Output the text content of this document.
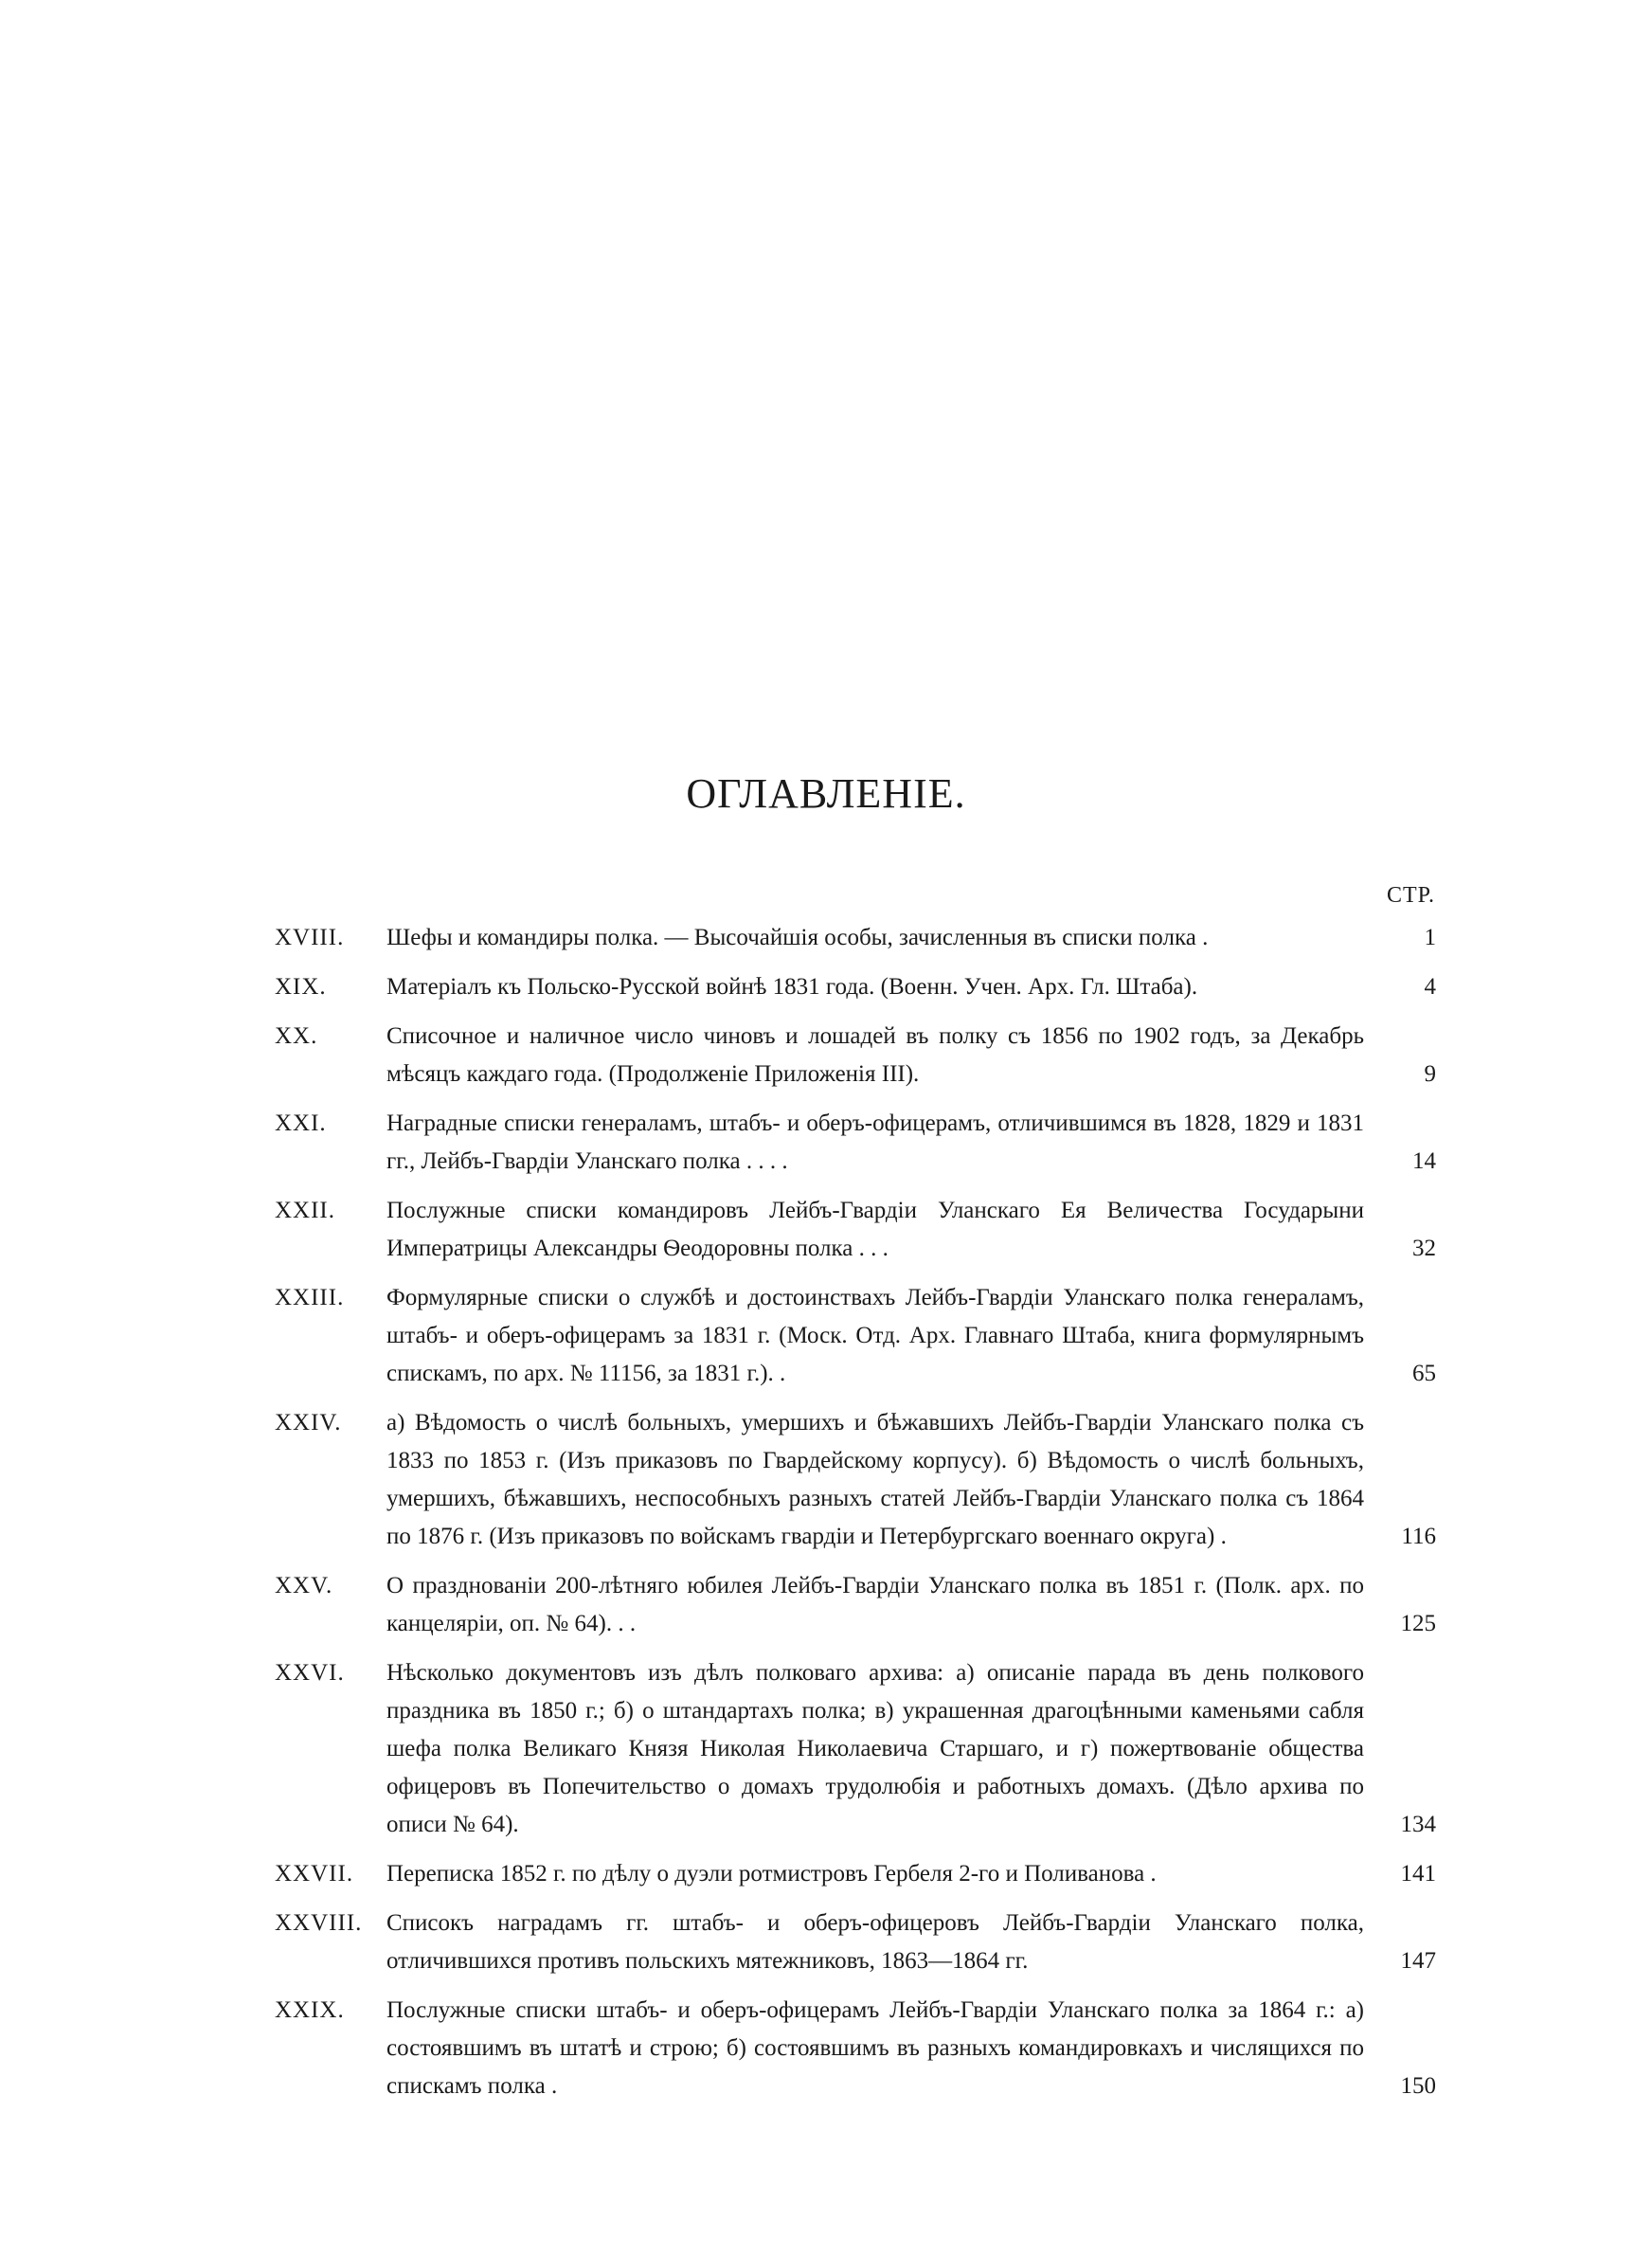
ОГЛАВЛЕНІЕ.
СТР.
XVIII. Шефы и командиры полка. — Высочайшія особы, зачисленныя въ списки полка .	1
XIX.	Матеріалъ къ Польско-Русской войнѣ 1831 года. (Военн. Учен. Арх. Гл. Штаба).	4
XX.	Списочное и наличное число чиновъ и лошадей въ полку съ 1856 по 1902 годъ, за Декабрь мѣсяцъ каждаго года. (Продолженіе Приложенія III).	9
XXI.	Наградные списки генераламъ, штабъ- и оберъ-офицерамъ, отличившимся въ 1828, 1829 и 1831 гг., Лейбъ-Гвардіи Уланскаго полка . . . .	14
XXII. Послужные списки командировъ Лейбъ-Гвардіи Уланскаго Ея Величества Государыни Императрицы Александры Ѳеодоровны полка . . .	32
XXIII. Формулярные списки о службѣ и достоинствахъ Лейбъ-Гвардіи Уланскаго полка генераламъ, штабъ- и оберъ-офицерамъ за 1831 г. (Моск. Отд. Арх. Главнаго Штаба, книга формулярнымъ спискамъ, по арх. № 11156, за 1831 г.). .	65
XXIV. а) Вѣдомость о числѣ больныхъ, умершихъ и бѣжавшихъ Лейбъ-Гвардіи Уланскаго полка съ 1833 по 1853 г. (Изъ приказовъ по Гвардейскому корпусу). б) Вѣдомость о числѣ больныхъ, умершихъ, бѣжавшихъ, неспособныхъ разныхъ статей Лейбъ-Гвардіи Уланскаго полка съ 1864 по 1876 г. (Изъ приказовъ по войскамъ гвардіи и Петербургскаго военнаго округа) .	116
XXV. О празднованіи 200-лѣтняго юбилея Лейбъ-Гвардіи Уланскаго полка въ 1851 г. (Полк. арх. по канцеляріи, оп. № 64). . .	125
XXVI. Нѣсколько документовъ изъ дѣлъ полковаго архива: а) описаніе парада въ день полкового праздника въ 1850 г.; б) о штандартахъ полка; в) украшенная драгоцѣнными каменьями сабля шефа полка Великаго Князя Николая Николаевича Старшаго, и г) пожертвованіе общества офицеровъ въ Попечительство о домахъ трудолюбія и работныхъ домахъ. (Дѣло архива по описи № 64).	134
XXVII. Переписка 1852 г. по дѣлу о дуэли ротмистровъ Гербеля 2-го и Поливанова .	141
XXVIII. Списокъ наградамъ гг. штабъ- и оберъ-офицеровъ Лейбъ-Гвардіи Уланскаго полка, отличившихся противъ польскихъ мятежниковъ, 1863—1864 гг.	147
XXIX. Послужные списки штабъ- и оберъ-офицерамъ Лейбъ-Гвардіи Уланскаго полка за 1864 г.: а) состоявшимъ въ штатѣ и строю; б) состоявшимъ въ разныхъ командировкахъ и числящихся по спискамъ полка .	150
